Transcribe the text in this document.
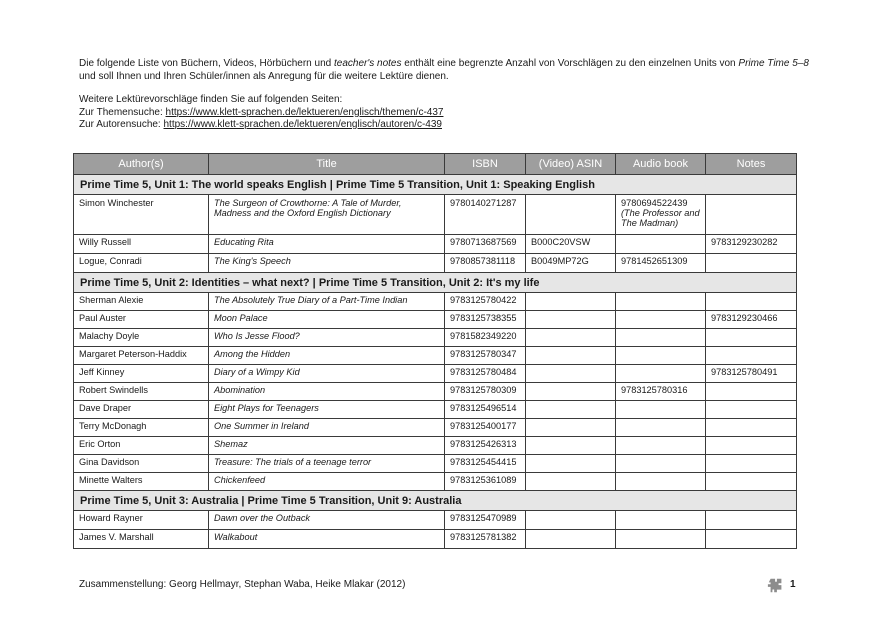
Die folgende Liste von Büchern, Videos, Hörbüchern und teacher's notes enthält eine begrenzte Anzahl von Vorschlägen zu den einzelnen Units von Prime Time 5–8 und soll Ihnen und Ihren Schüler/innen als Anregung für die weitere Lektüre dienen.

Weitere Lektürevorschläge finden Sie auf folgenden Seiten:

Zur Themensuche: https://www.klett-sprachen.de/lektueren/englisch/themen/c-437

Zur Autorensuche: https://www.klett-sprachen.de/lektueren/englisch/autoren/c-439

Author(s)	Title	ISBN	(Video) ASIN	Audio book	Notes
Prime Time 5, Unit 1: The world speaks English | Prime Time 5 Transition, Unit 1: Speaking English					
Simon Winchester	The Surgeon of Crowthorne: A Tale of Murder, Madness and the Oxford English Dictionary	9780140271287		9780694522439
(The Professor and The Madman)	

Willy Russell	Educating Rita	9780713687569	B000C20VSW		9783129230282
Logue, Conradi	The King's Speech	9780857381118	B0049MP72G	9781452651309	
Prime Time 5, Unit 2: Identities – what next? | Prime Time 5 Transition, Unit 2: It's my life					
Sherman Alexie	The Absolutely True Diary of a Part-Time Indian	9783125780422			
Paul Auster	Moon Palace	9783125738355			9783129230466
Malachy Doyle	Who Is Jesse Flood?	9781582349220			
Margaret Peterson-Haddix	Among the Hidden	9783125780347			
Jeff Kinney	Diary of a Wimpy Kid	9783125780484			9783125780491
Robert Swindells	Abomination	9783125780309		9783125780316	
Dave Draper	Eight Plays for Teenagers	9783125496514			
Terry McDonagh	One Summer in Ireland	9783125400177			
Eric Orton	Shemaz	9783125426313			
Gina Davidson	Treasure: The trials of a teenage terror	9783125454415			
Minette Walters	Chickenfeed	9783125361089			
Prime Time 5, Unit 3: Australia | Prime Time 5 Transition, Unit 9: Australia					
Howard Rayner	Dawn over the Outback	9783125470989			
James V. Marshall	Walkabout	9783125781382			
Zusammenstellung: Georg Hellmayr, Stephan Waba, Heike Mlakar (2012)	1
